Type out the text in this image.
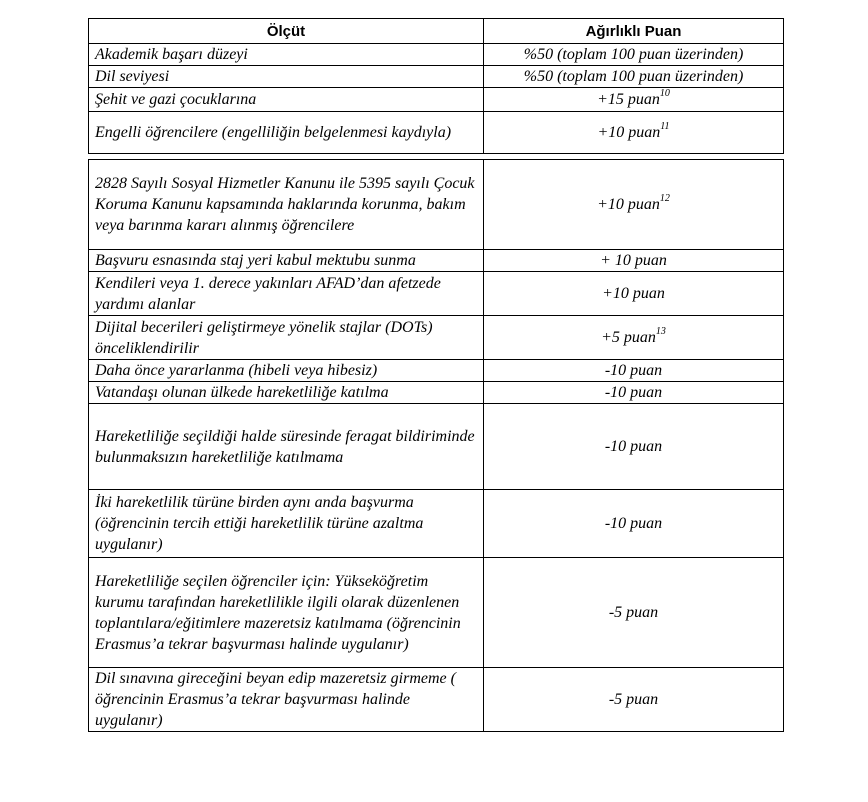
Ölçüt	Ağırlıklı Puan
Akademik başarı düzeyi	%50 (toplam 100 puan üzerinden)
Dil seviyesi	%50 (toplam 100 puan üzerinden)
Şehit ve gazi çocuklarına	+15 puan$^{10}$
Engelli öğrencilere (engelliliğin belgelenmesi kaydıyla)	+10 puan$^{11}$

2828 Sayılı Sosyal Hizmetler Kanunu ile 5395 sayılı Çocuk Koruma Kanunu kapsamında haklarında korunma, bakım veya barınma kararı alınmış öğrencilere	+10 puan$^{12}$
Başvuru esnasında staj yeri kabul mektubu sunma	+ 10 puan
Kendileri veya 1. derece yakınları AFAD’dan afetzede yardımı alanlar	+10 puan
Dijital becerileri geliştirmeye yönelik stajlar (DOTs) önceliklendirilir	+5 puan$^{13}$
Daha önce yararlanma (hibeli veya hibesiz)	-10 puan
Vatandaşı olunan ülkede hareketliliğe katılma	-10 puan
Hareketliliğe seçildiği halde süresinde feragat bildiriminde bulunmaksızın hareketliliğe katılmama	-10 puan
İki hareketlilik türüne birden aynı anda başvurma (öğrencinin tercih ettiği hareketlilik türüne azaltma uygulanır)	-10 puan
Hareketliliğe seçilen öğrenciler için: Yükseköğretim kurumu tarafından hareketlilikle ilgili olarak düzenlenen toplantılara/eğitimlere mazeretsiz katılmama (öğrencinin Erasmus’a tekrar başvurması halinde uygulanır)	-5 puan
Dil sınavına gireceğini beyan edip mazeretsiz girmeme ( öğrencinin Erasmus’a tekrar başvurması halinde uygulanır)	-5 puan
